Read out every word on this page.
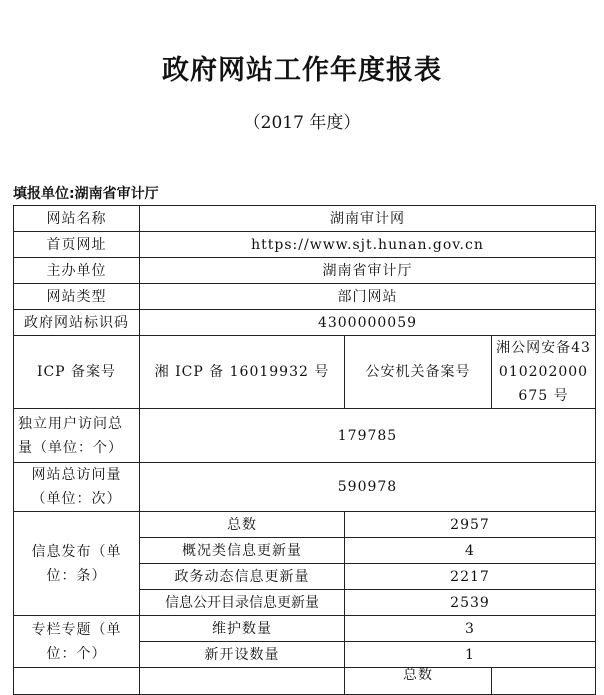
政府网站工作年度报表
（2017 年度）
填报单位:湖南省审计厅
网站名称	湖南审计网		
首页网址	https://www.sjt.hunan.gov.cn		
主办单位	湖南省审计厅		
网站类型	部门网站		
政府网站标识码	4300000059		
ICP 备案号	湘 ICP 备 16019932 号	公安机关备案号	湘公网安备43010202000675 号
独立用户访问总量（单位：个）	179785		
网站总访问量（单位：次）	590978		
信息发布（单位：条）	总数	2957	
	概况类信息更新量	4	
	政务动态信息更新量	2217	
	信息公开目录信息更新量	2539	
专栏专题（单位：个）	维护数量	3	
	新开设数量	1	
		总数	
